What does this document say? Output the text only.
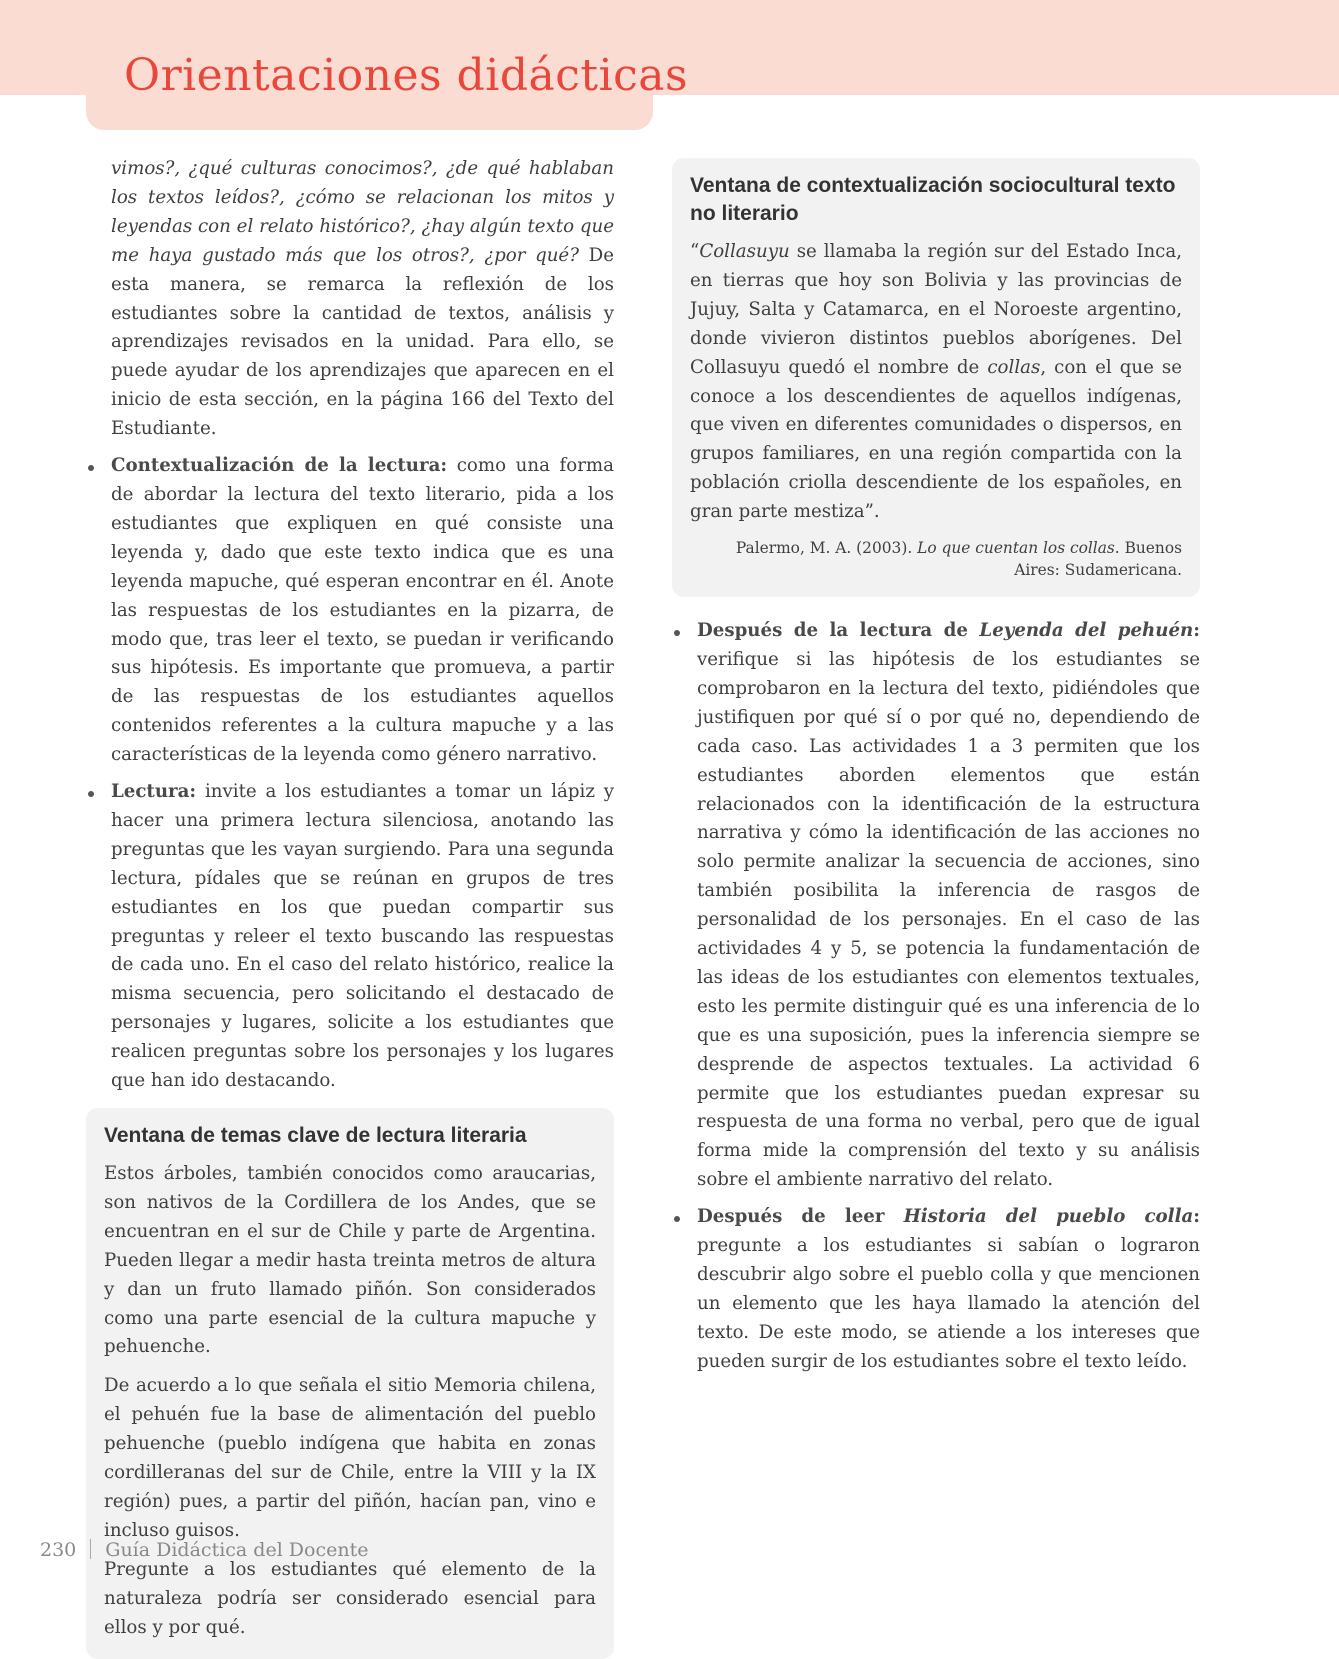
Orientaciones didácticas

vimos?, ¿qué culturas conocimos?, ¿de qué hablaban los textos leídos?, ¿cómo se relacionan los mitos y leyendas con el relato histórico?, ¿hay algún texto que me haya gustado más que los otros?, ¿por qué? De esta manera, se remarca la reflexión de los estudiantes sobre la cantidad de textos, análisis y aprendizajes revisados en la unidad. Para ello, se puede ayudar de los aprendizajes que aparecen en el inicio de esta sección, en la página 166 del Texto del Estudiante.

Contextualización de la lectura: como una forma de abordar la lectura del texto literario, pida a los estudiantes que expliquen en qué consiste una leyenda y, dado que este texto indica que es una leyenda mapuche, qué esperan encontrar en él. Anote las respuestas de los estudiantes en la pizarra, de modo que, tras leer el texto, se puedan ir verificando sus hipótesis. Es importante que promueva, a partir de las respuestas de los estudiantes aquellos contenidos referentes a la cultura mapuche y a las características de la leyenda como género narrativo.

Lectura: invite a los estudiantes a tomar un lápiz y hacer una primera lectura silenciosa, anotando las preguntas que les vayan surgiendo. Para una segunda lectura, pídales que se reúnan en grupos de tres estudiantes en los que puedan compartir sus preguntas y releer el texto buscando las respuestas de cada uno. En el caso del relato histórico, realice la misma secuencia, pero solicitando el destacado de personajes y lugares, solicite a los estudiantes que realicen preguntas sobre los personajes y los lugares que han ido destacando.

Ventana de temas clave de lectura literaria

Estos árboles, también conocidos como araucarias, son nativos de la Cordillera de los Andes, que se encuentran en el sur de Chile y parte de Argentina. Pueden llegar a medir hasta treinta metros de altura y dan un fruto llamado piñón. Son considerados como una parte esencial de la cultura mapuche y pehuenche.

De acuerdo a lo que señala el sitio Memoria chilena, el pehuén fue la base de alimentación del pueblo pehuenche (pueblo indígena que habita en zonas cordilleranas del sur de Chile, entre la VIII y la IX región) pues, a partir del piñón, hacían pan, vino e incluso guisos.

Pregunte a los estudiantes qué elemento de la naturaleza podría ser considerado esencial para ellos y por qué.

Ventana de contextualización sociocultural texto no literario

“Collasuyu se llamaba la región sur del Estado Inca, en tierras que hoy son Bolivia y las provincias de Jujuy, Salta y Catamarca, en el Noroeste argentino, donde vivieron distintos pueblos aborígenes. Del Collasuyu quedó el nombre de collas, con el que se conoce a los descendientes de aquellos indígenas, que viven en diferentes comunidades o dispersos, en grupos familiares, en una región compartida con la población criolla descendiente de los españoles, en gran parte mestiza”.

Palermo, M. A. (2003). Lo que cuentan los collas. Buenos Aires: Sudamericana.

Después de la lectura de Leyenda del pehuén: verifique si las hipótesis de los estudiantes se comprobaron en la lectura del texto, pidiéndoles que justifiquen por qué sí o por qué no, dependiendo de cada caso. Las actividades 1 a 3 permiten que los estudiantes aborden elementos que están relacionados con la identificación de la estructura narrativa y cómo la identificación de las acciones no solo permite analizar la secuencia de acciones, sino también posibilita la inferencia de rasgos de personalidad de los personajes. En el caso de las actividades 4 y 5, se potencia la fundamentación de las ideas de los estudiantes con elementos textuales, esto les permite distinguir qué es una inferencia de lo que es una suposición, pues la inferencia siempre se desprende de aspectos textuales. La actividad 6 permite que los estudiantes puedan expresar su respuesta de una forma no verbal, pero que de igual forma mide la comprensión del texto y su análisis sobre el ambiente narrativo del relato.

Después de leer Historia del pueblo colla: pregunte a los estudiantes si sabían o lograron descubrir algo sobre el pueblo colla y que mencionen un elemento que les haya llamado la atención del texto. De este modo, se atiende a los intereses que pueden surgir de los estudiantes sobre el texto leído.

230 Guía Didáctica del Docente
